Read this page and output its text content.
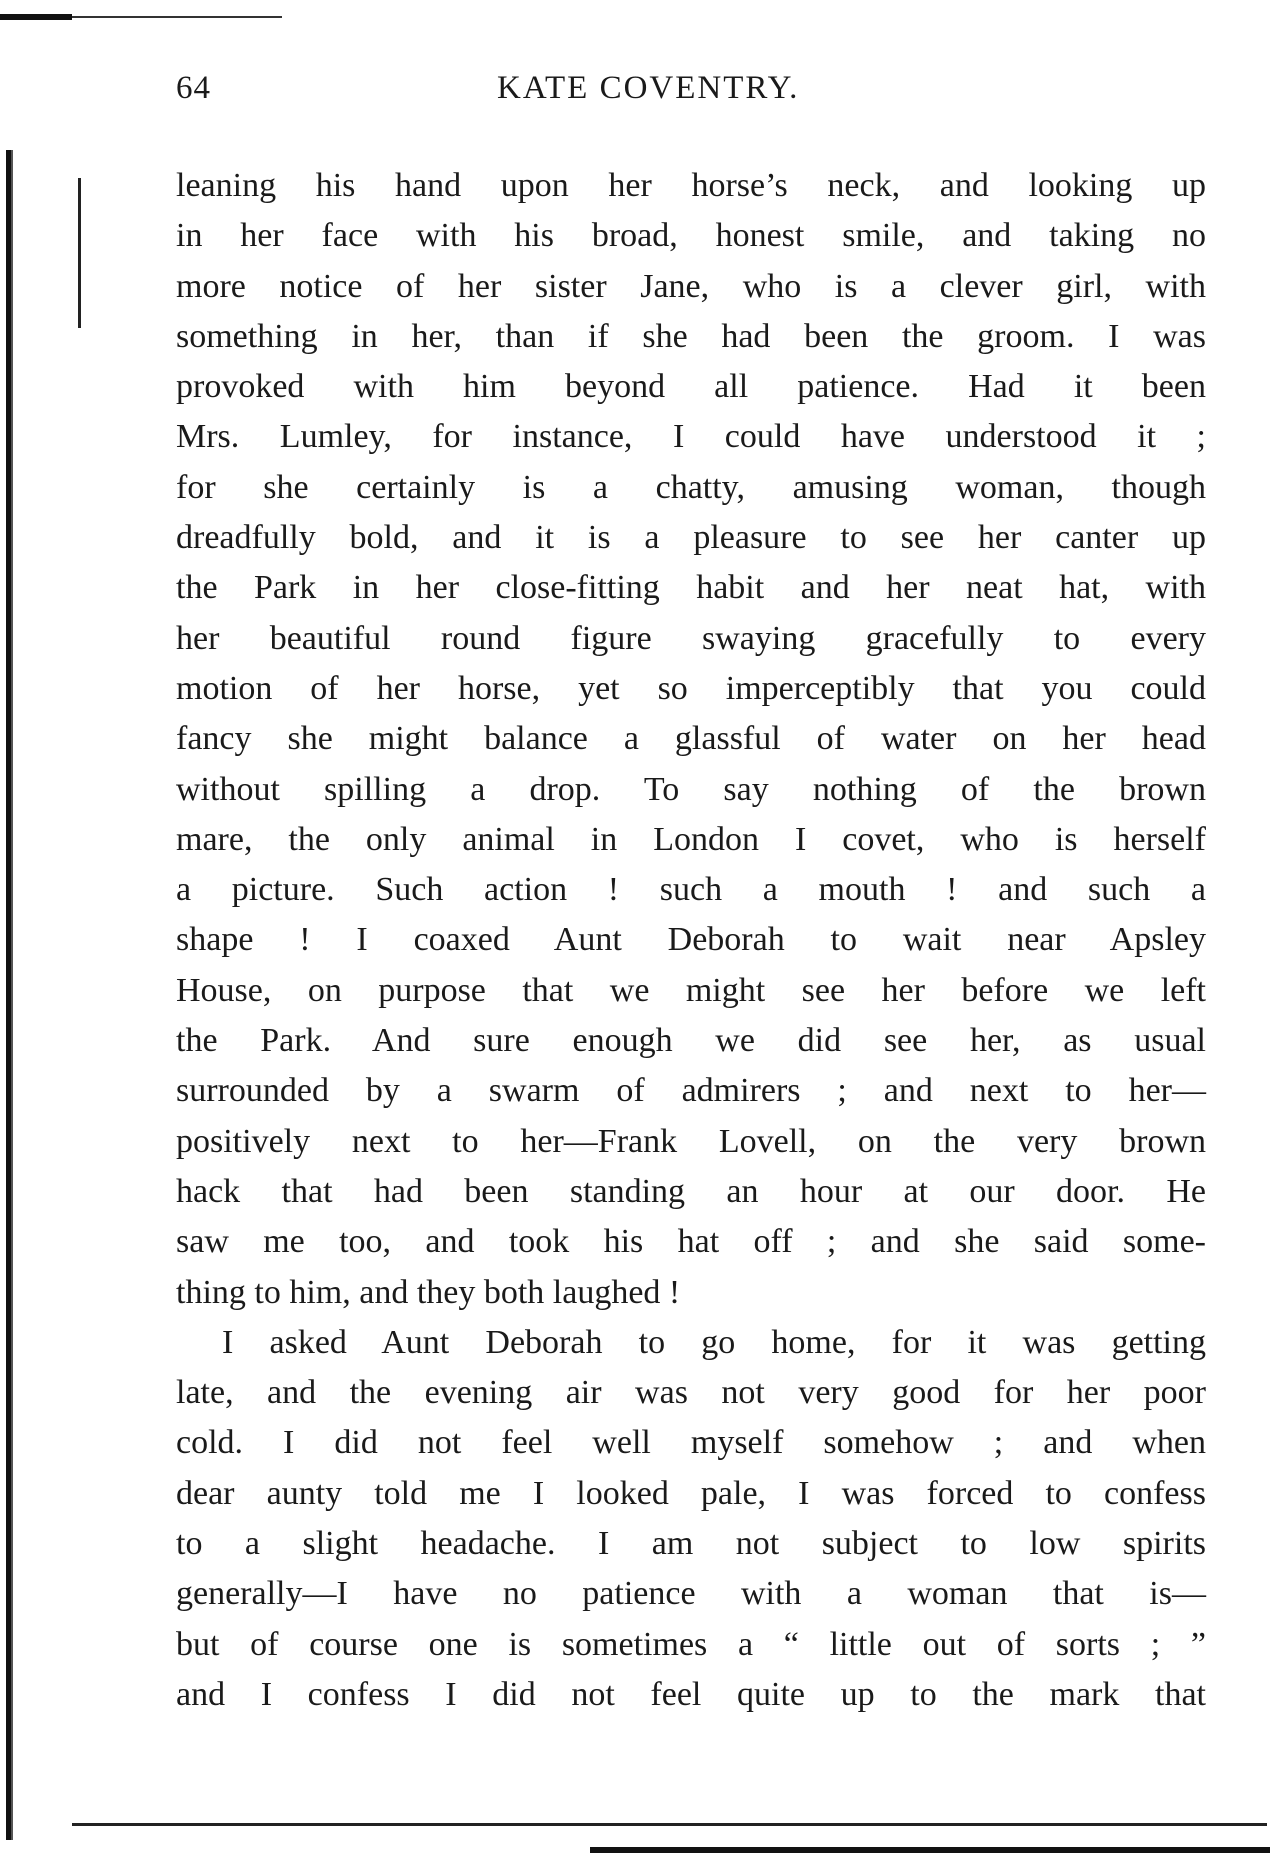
64	KATE COVENTRY.
leaning his hand upon her horse’s neck, and looking up
in her face with his broad, honest smile, and taking no
more notice of her sister Jane, who is a clever girl, with
something in her, than if she had been the groom. I was
provoked with him beyond all patience. Had it been
Mrs. Lumley, for instance, I could have understood it ;
for she certainly is a chatty, amusing woman, though
dreadfully bold, and it is a pleasure to see her canter up
the Park in her close-fitting habit and her neat hat, with
her beautiful round figure swaying gracefully to every
motion of her horse, yet so imperceptibly that you could
fancy she might balance a glassful of water on her head
without spilling a drop. To say nothing of the brown
mare, the only animal in London I covet, who is herself
a picture. Such action ! such a mouth ! and such a
shape ! I coaxed Aunt Deborah to wait near Apsley
House, on purpose that we might see her before we left
the Park. And sure enough we did see her, as usual
surrounded by a swarm of admirers ; and next to her—
positively next to her—Frank Lovell, on the very brown
hack that had been standing an hour at our door. He
saw me too, and took his hat off ; and she said some-
thing to him, and they both laughed !
I asked Aunt Deborah to go home, for it was getting
late, and the evening air was not very good for her poor
cold. I did not feel well myself somehow ; and when
dear aunty told me I looked pale, I was forced to confess
to a slight headache. I am not subject to low spirits
generally—I have no patience with a woman that is—
but of course one is sometimes a “ little out of sorts ; ”
and I confess I did not feel quite up to the mark that
